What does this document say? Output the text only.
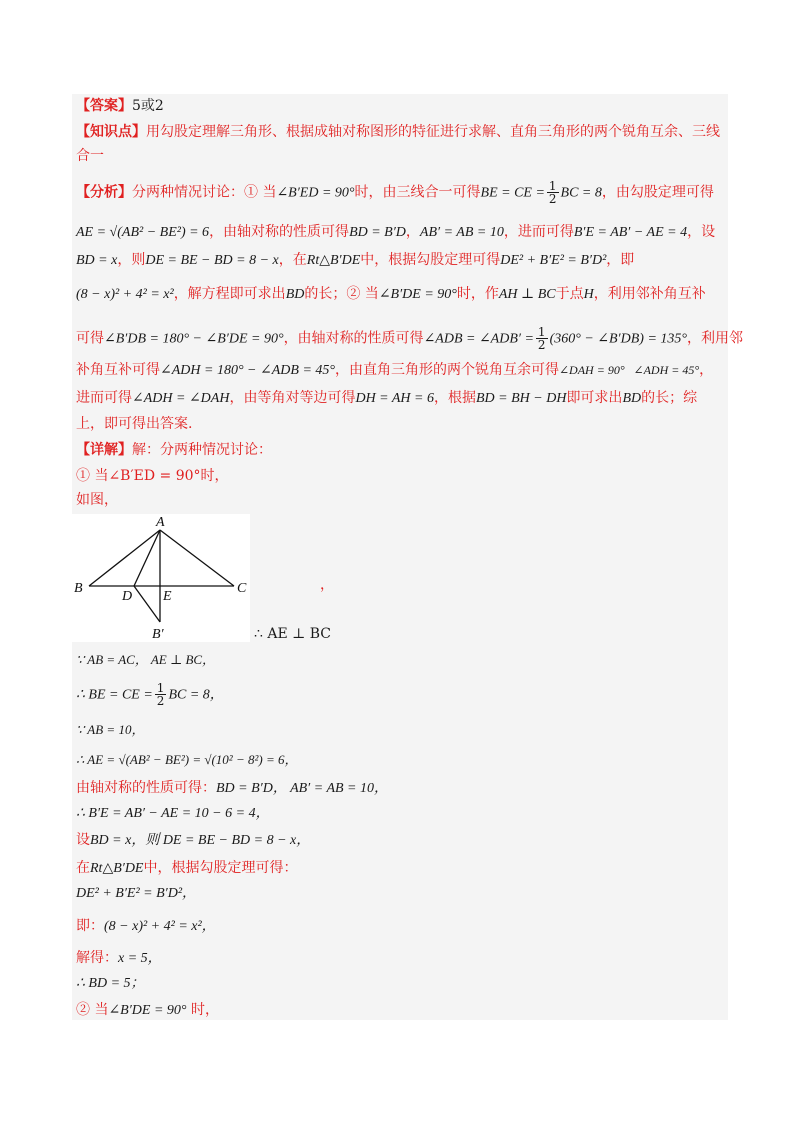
【答案】5或2
【知识点】用勾股定理解三角形、根据成轴对称图形的特征进行求解、直角三角形的两个锐角互余、三线
合一
【分析】分两种情况讨论：① 当∠B′ED = 90°时，由三线合一可得BE = CE = $\frac{1}{2}$ BC = 8，由勾股定理可得
AE = √(AB² − BE²) = 6，由轴对称的性质可得BD = B′D，AB′ = AB = 10，进而可得B′E = AB′ − AE = 4，设
BD = x，则DE = BE − BD = 8 − x，在Rt△B′DE中，根据勾股定理可得DE² + B′E² = B′D²，即
(8 − x)² + 4² = x²，解方程即可求出BD的长；② 当∠B′DE = 90°时，作AH ⊥ BC于点H，利用邻补角互补
可得∠B′DB = 180° − ∠B′DE = 90°，由轴对称的性质可得∠ADB = ∠ADB′ = $\frac{1}{2} (360^\circ$ − ∠B′DB) = 135°，利用邻
补角互补可得∠ADH = 180° − ∠ADB = 45°，由直角三角形的两个锐角互余可得∠DAH = 90° ∠ADH = 45°，
进而可得∠ADH = ∠DAH，由等角对等边可得DH = AH = 6，根据BD = BH − DH即可求出BD的长；综
上，即可得出答案.
【详解】解：分两种情况讨论：
① 当∠B′ED = 90°时，
如图，
A
B	C
D E
B′
，
∴ AE ⊥ BC
∵ AB = AC， AE ⊥ BC，
∴ BE = CE = $\frac{1}{2}$ BC = 8，
∵ AB = 10，
∴ AE = √(AB² − BE²) = √(10² − 8²) = 6，
由轴对称的性质可得：BD = B′D， AB′ = AB = 10，
∴ B′E = AB′ − AE = 10 − 6 = 4，
设BD = x，则 DE = BE − BD = 8 − x，
在Rt△B′DE中，根据勾股定理可得：
DE² + B′E² = B′D²，
即：(8 − x)² + 4² = x²，
解得：x = 5，
∴ BD = 5；
② 当∠B′DE = 90° 时，
